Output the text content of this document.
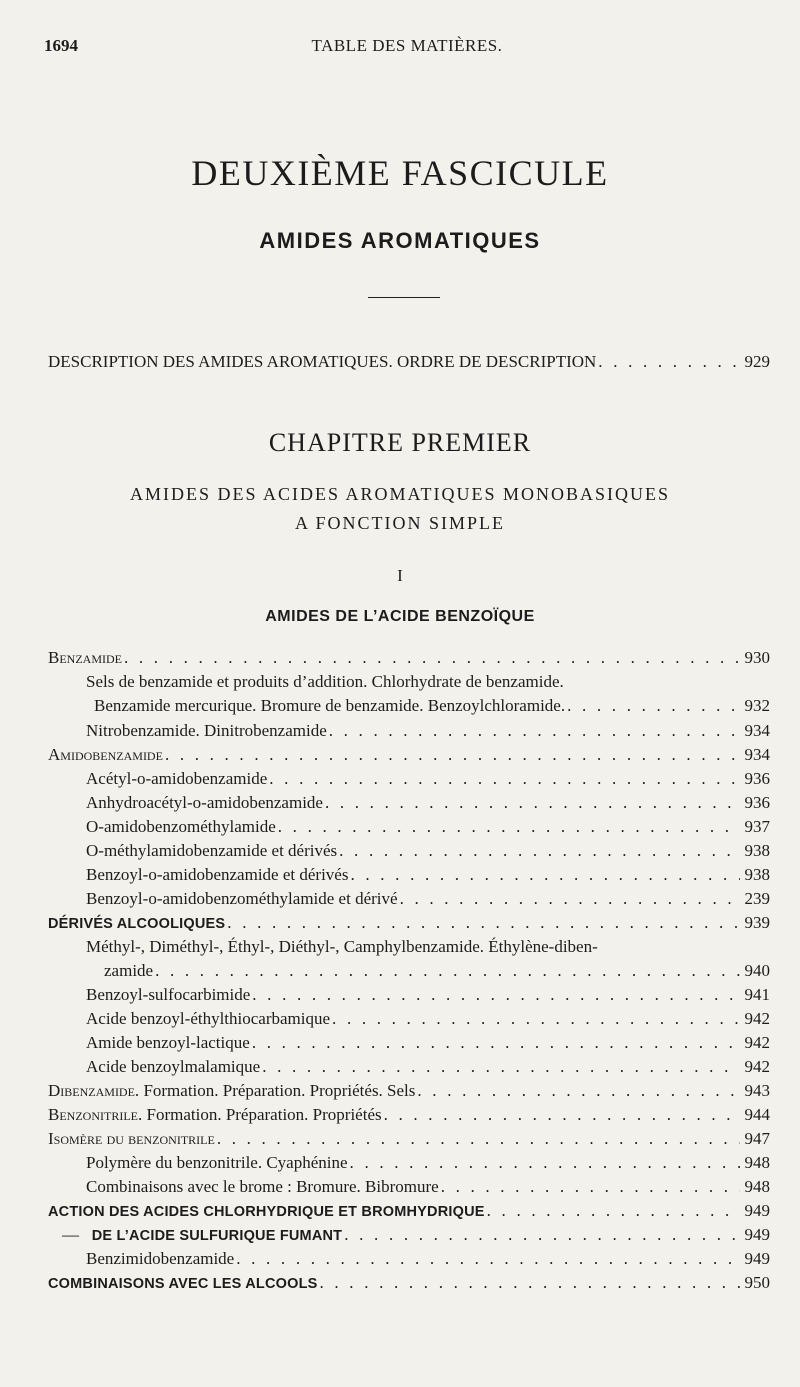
1694	TABLE DES MATIÈRES.
DEUXIÈME FASCICULE
AMIDES AROMATIQUES
DESCRIPTION DES AMIDES AROMATIQUES. ORDRE DE DESCRIPTION . . .	929
CHAPITRE PREMIER
AMIDES DES ACIDES AROMATIQUES MONOBASIQUES
A FONCTION SIMPLE
I
AMIDES DE L’ACIDE BENZOÏQUE
Benzamide . . .	930
Sels de benzamide et produits d’addition. Chlorhydrate de benzamide.
Benzamide mercurique. Bromure de benzamide. Benzoylchloramide. . . .	932
Nitrobenzamide. Dinitrobenzamide . . .	934
Amidobenzamide . . .	934
Acétyl-o-amidobenzamide . . .	936
Anhydroacétyl-o-amidobenzamide . . .	936
O-amidobenzométhylamide . . .	937
O-méthylamidobenzamide et dérivés . . .	938
Benzoyl-o-amidobenzamide et dérivés . . .	938
Benzoyl-o-amidobenzométhylamide et dérivé . . .	239
DÉRIVÉS ALCOOLIQUES . . .	939
Méthyl-, Diméthyl-, Éthyl-, Diéthyl-, Camphylbenzamide. Éthylène-diben-
zamide . . .	940
Benzoyl-sulfocarbimide . . .	941
Acide benzoyl-éthylthiocarbamique . . .	942
Amide benzoyl-lactique . . .	942
Acide benzoylmalamique . . .	942
Dibenzamide. Formation. Préparation. Propriétés. Sels . . .	943
Benzonitrile. Formation. Préparation. Propriétés . . .	944
Isomère du benzonitrile . . .	947
Polymère du benzonitrile. Cyaphénine . . .	948
Combinaisons avec le brome : Bromure. Bibromure . . .	948
ACTION DES ACIDES CHLORHYDRIQUE ET BROMHYDRIQUE . . .	949
— DE L’ACIDE SULFURIQUE FUMANT . . .	949
Benzimidobenzamide . . .	949
COMBINAISONS AVEC LES ALCOOLS . . .	950
